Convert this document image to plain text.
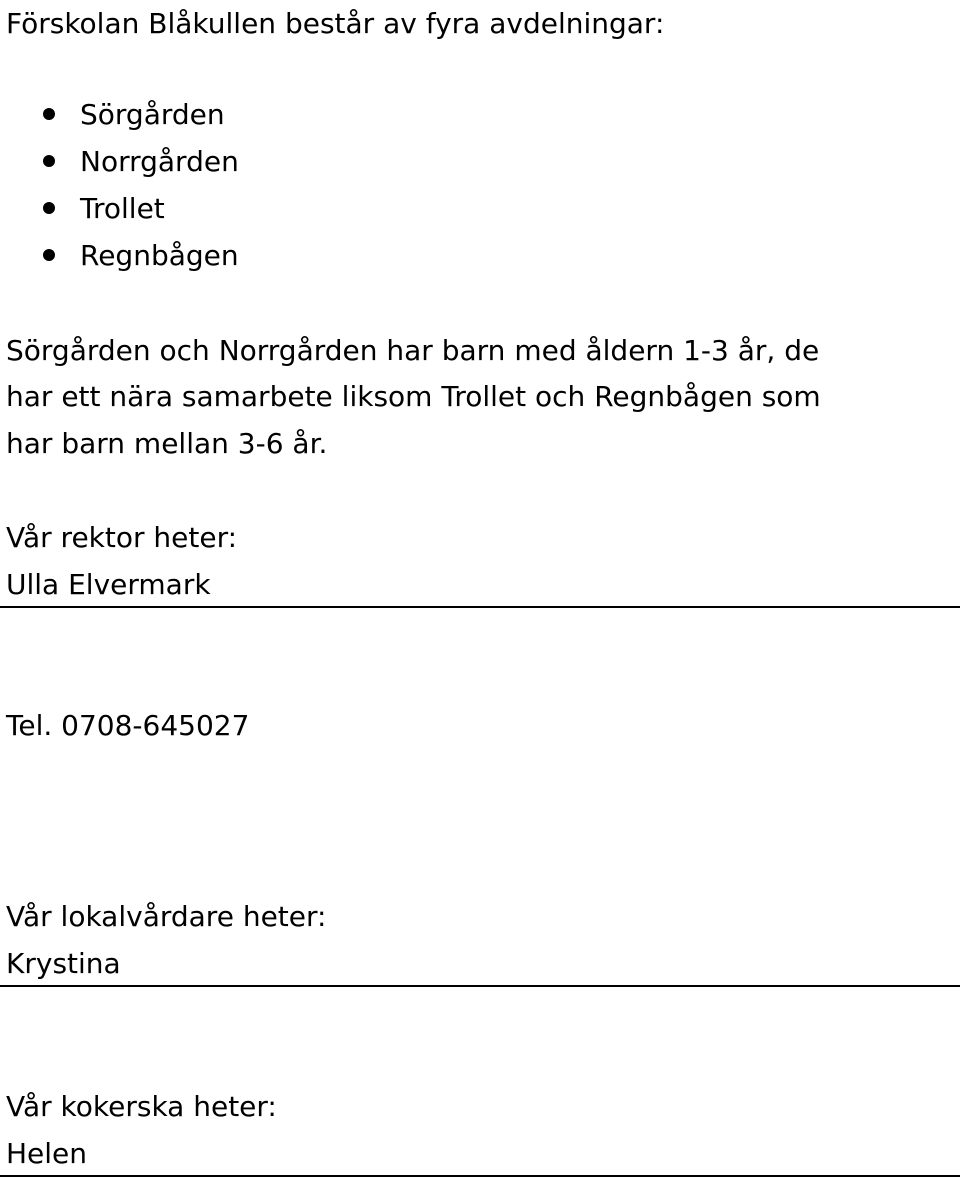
Förskolan Blåkullen består av fyra avdelningar:
Sörgården
Norrgården
Trollet
Regnbågen
Sörgården och Norrgården har barn med åldern 1-3 år, de
har ett nära samarbete liksom Trollet och Regnbågen som
har barn mellan 3-6 år.
Vår rektor heter:
Ulla Elvermark
Tel. 0708-645027
Vår lokalvårdare heter:
Krystina
Vår kokerska heter:
Helen
